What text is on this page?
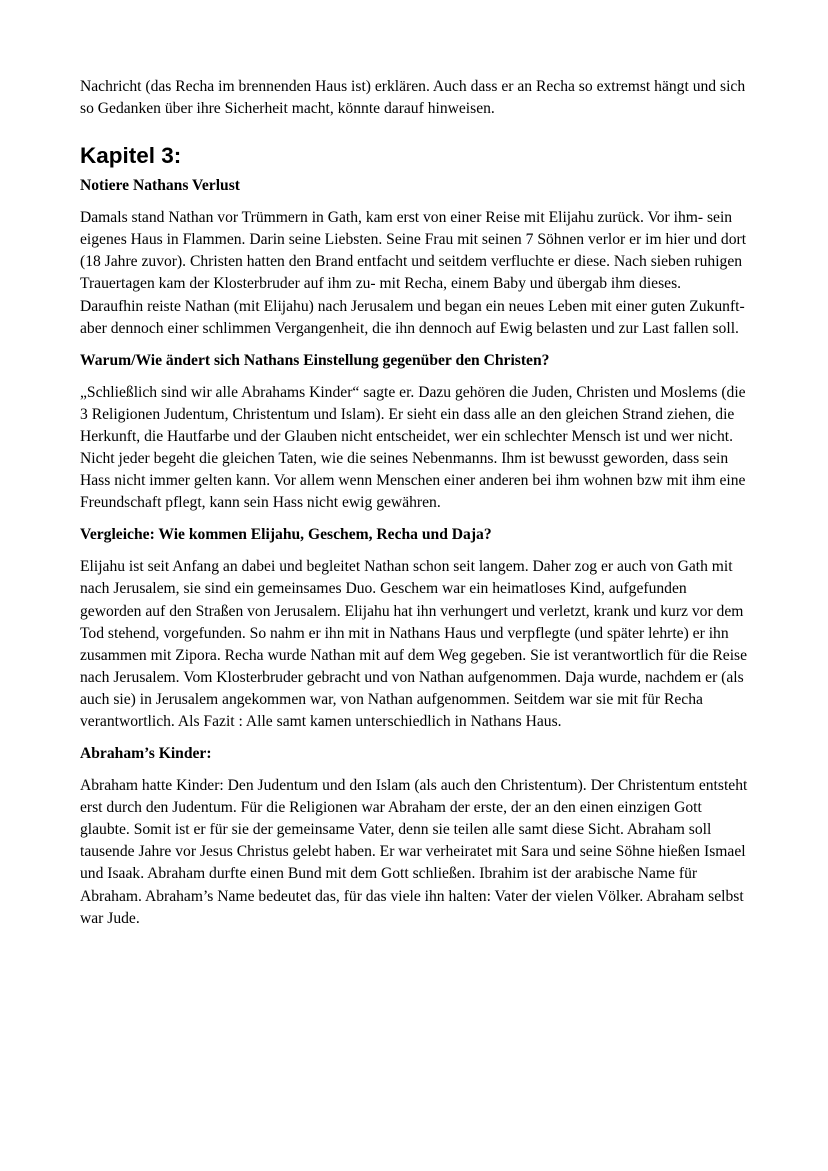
Nachricht (das Recha im brennenden Haus ist) erklären. Auch dass er an Recha so extremst hängt und sich so Gedanken über ihre Sicherheit macht, könnte darauf hinweisen.

Kapitel 3:
Notiere Nathans Verlust

Damals stand Nathan vor Trümmern in Gath, kam erst von einer Reise mit Elijahu zurück. Vor ihm- sein eigenes Haus in Flammen. Darin seine Liebsten. Seine Frau mit seinen 7 Söhnen verlor er im hier und dort (18 Jahre zuvor). Christen hatten den Brand entfacht und seitdem verfluchte er diese. Nach sieben ruhigen Trauertagen kam der Klosterbruder auf ihm zu- mit Recha, einem Baby und übergab ihm dieses. Daraufhin reiste Nathan (mit Elijahu) nach Jerusalem und began ein neues Leben mit einer guten Zukunft- aber dennoch einer schlimmen Vergangenheit, die ihn dennoch auf Ewig belasten und zur Last fallen soll.

Warum/Wie ändert sich Nathans Einstellung gegenüber den Christen?

„Schließlich sind wir alle Abrahams Kinder“ sagte er. Dazu gehören die Juden, Christen und Moslems (die 3 Religionen Judentum, Christentum und Islam). Er sieht ein dass alle an den gleichen Strand ziehen, die Herkunft, die Hautfarbe und der Glauben nicht entscheidet, wer ein schlechter Mensch ist und wer nicht. Nicht jeder begeht die gleichen Taten, wie die seines Nebenmanns. Ihm ist bewusst geworden, dass sein Hass nicht immer gelten kann. Vor allem wenn Menschen einer anderen bei ihm wohnen bzw mit ihm eine Freundschaft pflegt, kann sein Hass nicht ewig gewähren.

Vergleiche: Wie kommen Elijahu, Geschem, Recha und Daja?

Elijahu ist seit Anfang an dabei und begleitet Nathan schon seit langem. Daher zog er auch von Gath mit nach Jerusalem, sie sind ein gemeinsames Duo. Geschem war ein heimatloses Kind, aufgefunden geworden auf den Straßen von Jerusalem. Elijahu hat ihn verhungert und verletzt, krank und kurz vor dem Tod stehend, vorgefunden. So nahm er ihn mit in Nathans Haus und verpflegte (und später lehrte) er ihn zusammen mit Zipora. Recha wurde Nathan mit auf dem Weg gegeben. Sie ist verantwortlich für die Reise nach Jerusalem. Vom Klosterbruder gebracht und von Nathan aufgenommen. Daja wurde, nachdem er (als auch sie) in Jerusalem angekommen war, von Nathan aufgenommen. Seitdem war sie mit für Recha verantwortlich. Als Fazit : Alle samt kamen unterschiedlich in Nathans Haus.

Abraham’s Kinder:

Abraham hatte Kinder: Den Judentum und den Islam (als auch den Christentum). Der Christentum entsteht erst durch den Judentum. Für die Religionen war Abraham der erste, der an den einen einzigen Gott glaubte. Somit ist er für sie der gemeinsame Vater, denn sie teilen alle samt diese Sicht. Abraham soll tausende Jahre vor Jesus Christus gelebt haben. Er war verheiratet mit Sara und seine Söhne hießen Ismael und Isaak. Abraham durfte einen Bund mit dem Gott schließen. Ibrahim ist der arabische Name für Abraham. Abraham’s Name bedeutet das, für das viele ihn halten: Vater der vielen Völker. Abraham selbst war Jude.
